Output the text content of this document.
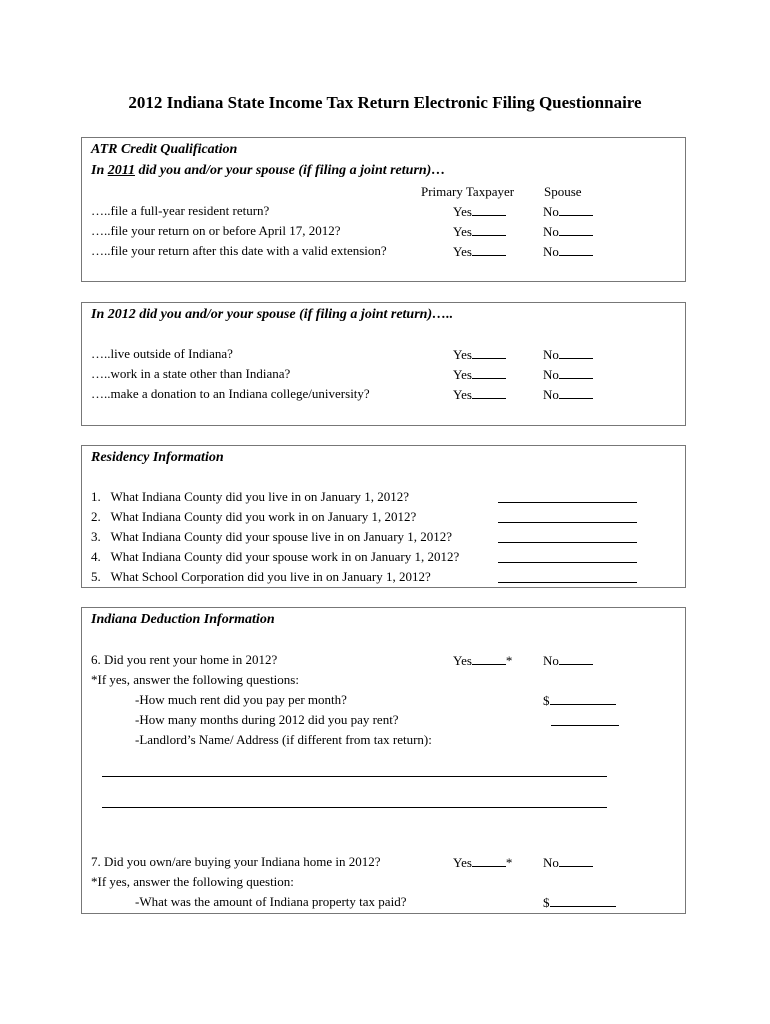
2012 Indiana State Income Tax Return Electronic Filing Questionnaire
ATR Credit Qualification
In 2011 did you and/or your spouse (if filing a joint return)…
Primary Taxpayer Spouse
…..file a full-year resident return?	Yes	No
…..file your return on or before April 17, 2012?	Yes	No
…..file your return after this date with a valid extension?	Yes	No
In 2012 did you and/or your spouse (if filing a joint return)…..
…..live outside of Indiana?	Yes	No
…..work in a state other than Indiana?	Yes	No
…..make a donation to an Indiana college/university?	Yes	No
Residency Information
1. What Indiana County did you live in on January 1, 2012?
2. What Indiana County did you work in on January 1, 2012?
3. What Indiana County did your spouse live in on January 1, 2012?
4. What Indiana County did your spouse work in on January 1, 2012?
5. What School Corporation did you live in on January 1, 2012?
Indiana Deduction Information
6. Did you rent your home in 2012?	Yes	* No
*If yes, answer the following questions:
-How much rent did you pay per month?	$
-How many months during 2012 did you pay rent?
-Landlord’s Name/ Address (if different from tax return):
7. Did you own/are buying your Indiana home in 2012?	Yes	* No
*If yes, answer the following question:
-What was the amount of Indiana property tax paid?	$
